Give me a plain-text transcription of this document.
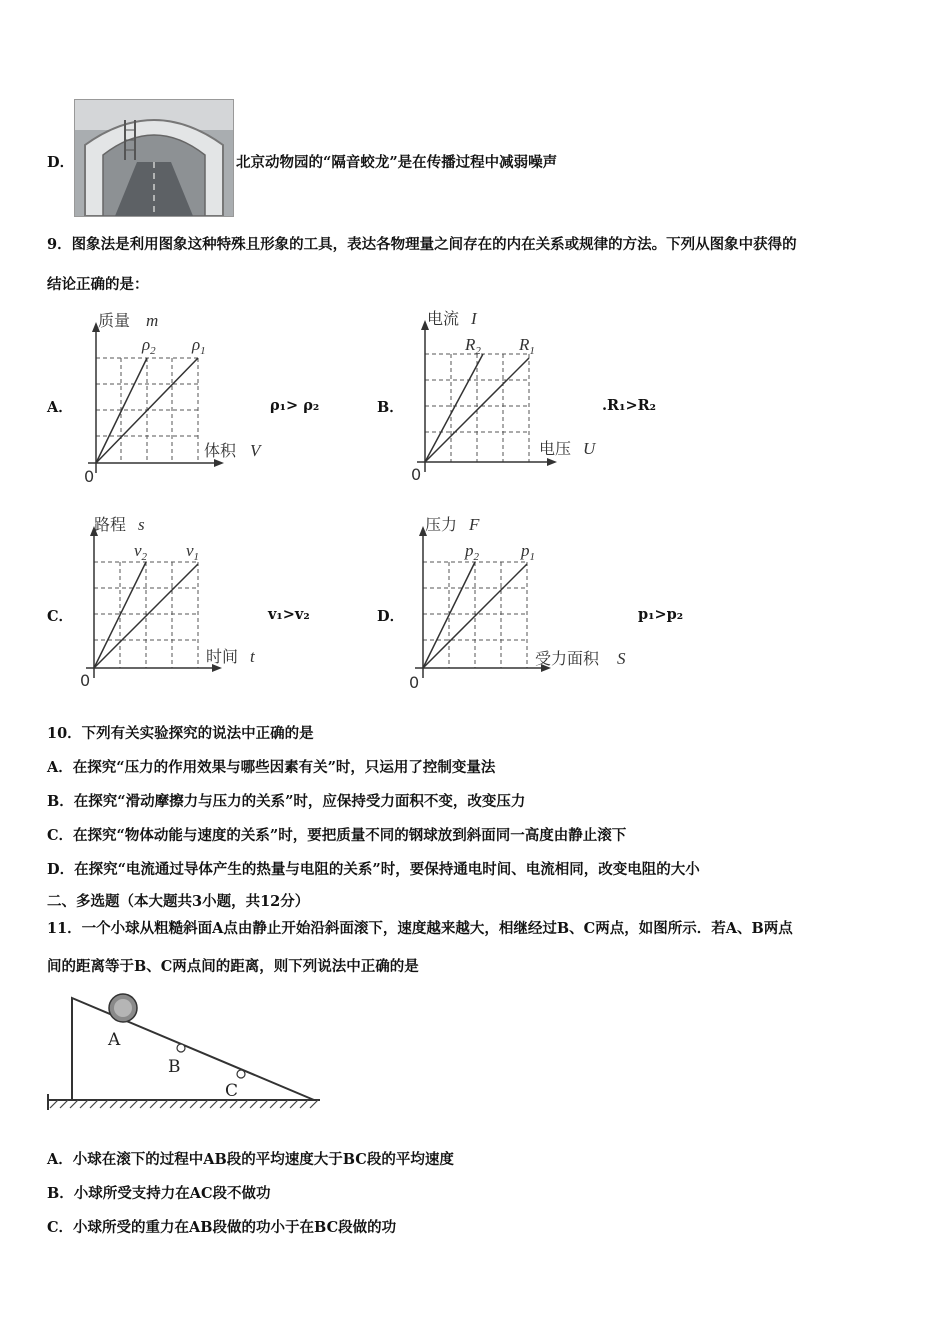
D．	北京动物园的“隔音蛟龙”是在传播过程中减弱噪声
9．图象法是利用图象这种特殊且形象的工具，表达各物理量之间存在的内在关系或规律的方法。下列从图象中获得的
结论正确的是：
A．
质量 m
体积 V
$\rho_2$ $\rho_1$
0
ρ₁> ρ₂	B．
电流 I
电压 U
$R_2$ $R_1$
0
.R₁>R₂
C．
路程 s
时间 t
$v_2$ $v_1$
0
v₁>v₂	D．
压力 F
受力面积 S
$p_2$ $p_1$
0
p₁>p₂
10．下列有关实验探究的说法中正确的是
A．在探究“压力的作用效果与哪些因素有关”时，只运用了控制变量法
B．在探究“滑动摩擦力与压力的关系”时，应保持受力面积不变，改变压力
C．在探究“物体动能与速度的关系”时，要把质量不同的钢球放到斜面同一高度由静止滚下
D．在探究“电流通过导体产生的热量与电阻的关系”时，要保持通电时间、电流相同，改变电阻的大小
二、多选题（本大题共3小题，共12分）
11．一个小球从粗糙斜面A点由静止开始沿斜面滚下，速度越来越大，相继经过B、C两点，如图所示．若A、B两点
间的距离等于B、C两点间的距离，则下列说法中正确的是
A
B
C
A．小球在滚下的过程中AB段的平均速度大于BC段的平均速度
B．小球所受支持力在AC段不做功
C．小球所受的重力在AB段做的功小于在BC段做的功
